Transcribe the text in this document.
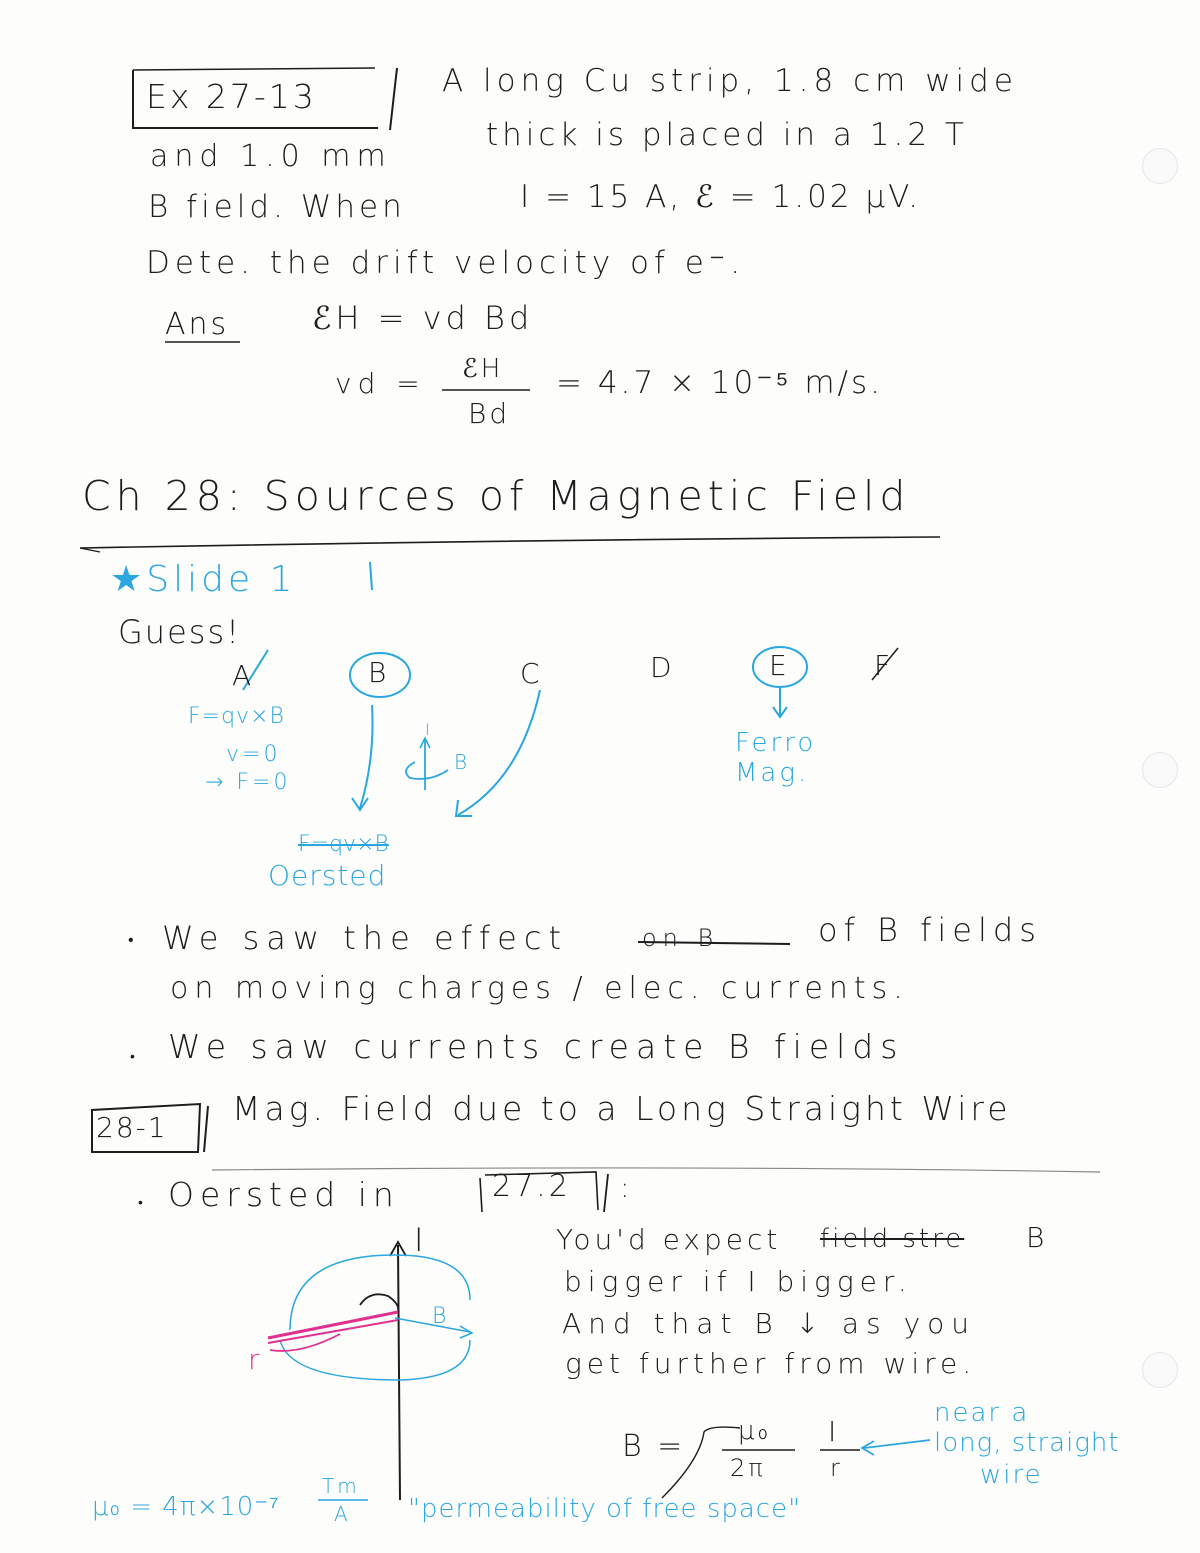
Ex 27-13	A long Cu strip, 1.8 cm wide
and 1.0 mm
thick is placed in a 1.2 T
B field. When	I = 15 A, ℰ = 1.02 μV.
Dete. the drift velocity of e⁻.
Ans	ℰH = vd Bd
vd = ℰH
Bd
= 4.7 × 10⁻⁵ m/s.
Ch 28: Sources of Magnetic Field
★Slide 1
Guess!
A	B	C	D	E	F
F=qv×B
v=0
→ F=0
I
B
F=qv×B
Oersted
Ferro
Mag.
• We saw the effect	on B	of B fields
on moving charges / elec. currents.
• We saw currents create B fields
28-1 Mag. Field due to a Long Straight Wire
• Oersted in	27.2 :
You'd expect field stre B
bigger if I bigger.
And that B ↓ as you
get further from wire.
I
B
r
B = μ₀
2π
I
r
near a
long, straight
wire
μ₀ = 4π×10⁻⁷
Tm
A "permeability of free space"
